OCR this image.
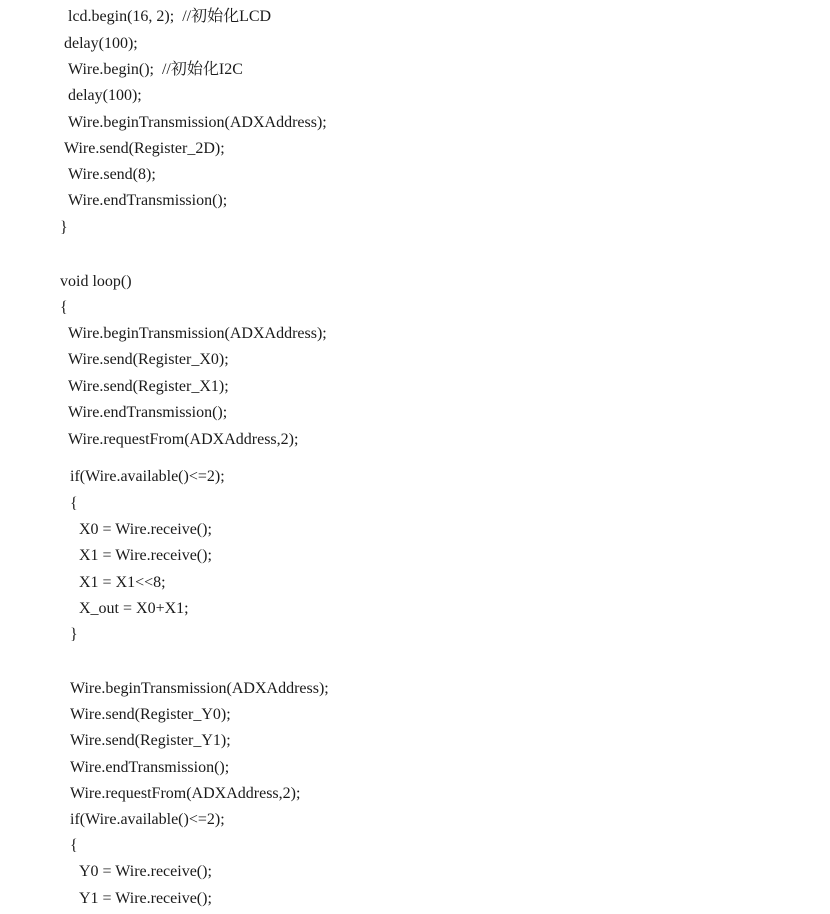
lcd.begin(16, 2);  //初始化LCD
delay(100);
Wire.begin();  //初始化I2C
delay(100);
Wire.beginTransmission(ADXAddress);
Wire.send(Register_2D);
Wire.send(8);
Wire.endTransmission();
}
void loop()
{
Wire.beginTransmission(ADXAddress);
Wire.send(Register_X0);
Wire.send(Register_X1);
Wire.endTransmission();
Wire.requestFrom(ADXAddress,2);
if(Wire.available()<=2);
{
X0 = Wire.receive();
X1 = Wire.receive();
X1 = X1<<8;
X_out = X0+X1;
}
Wire.beginTransmission(ADXAddress);
Wire.send(Register_Y0);
Wire.send(Register_Y1);
Wire.endTransmission();
Wire.requestFrom(ADXAddress,2);
if(Wire.available()<=2);
{
Y0 = Wire.receive();
Y1 = Wire.receive();
